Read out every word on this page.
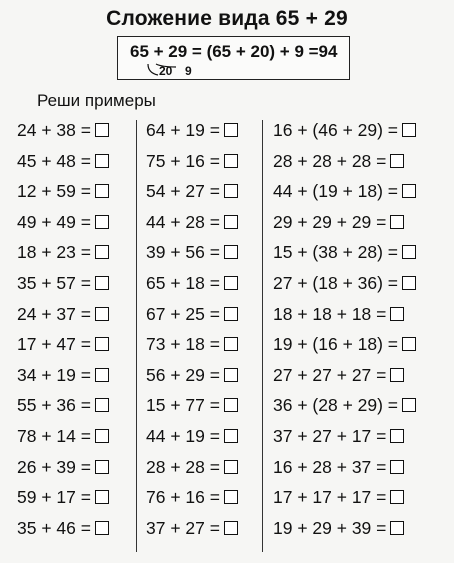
Сложение вида 65 + 29
65 + 29 = (65 + 20) + 9 =94
20 9
Реши примеры
24 + 38 =
45 + 48 =
12 + 59 =
49 + 49 =
18 + 23 =
35 + 57 =
24 + 37 =
17 + 47 =
34 + 19 =
55 + 36 =
78 + 14 =
26 + 39 =
59 + 17 =
35 + 46 =
64 + 19 =
75 + 16 =
54 + 27 =
44 + 28 =
39 + 56 =
65 + 18 =
67 + 25 =
73 + 18 =
56 + 29 =
15 + 77 =
44 + 19 =
28 + 28 =
76 + 16 =
37 + 27 =
16 + (46 + 29) =
28 + 28 + 28 =
44 + (19 + 18) =
29 + 29 + 29 =
15 + (38 + 28) =
27 + (18 + 36) =
18 + 18 + 18 =
19 + (16 + 18) =
27 + 27 + 27 =
36 + (28 + 29) =
37 + 27 + 17 =
16 + 28 + 37 =
17 + 17 + 17 =
19 + 29 + 39 =
